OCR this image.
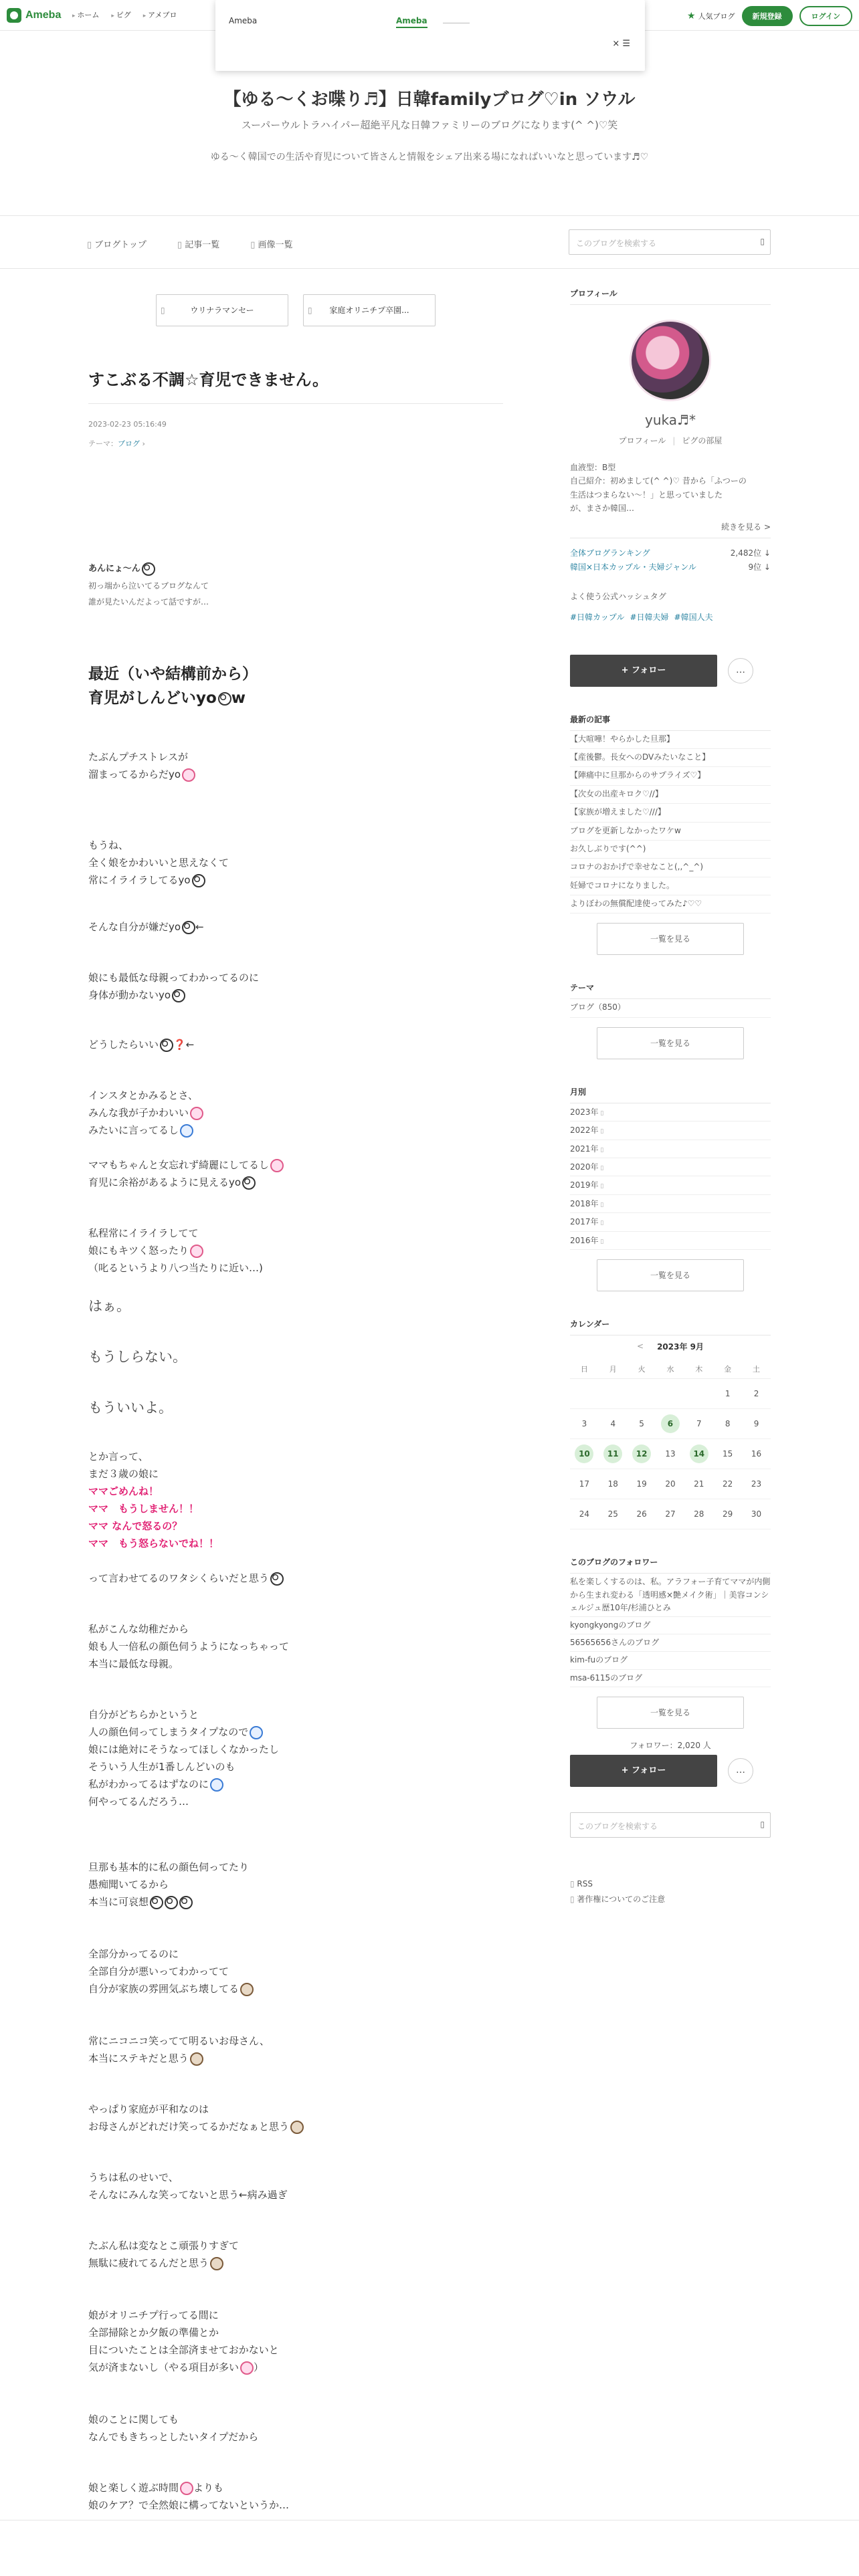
Ameba	▸ ホーム	▸ ピグ	▸ アメブロ	★ 人気ブログ	新規登録	ログイン
Ameba	Ameba
× ☰
【ゆる〜くお喋り♬】日韓familyブログ♡in ソウル
スーパーウルトラハイパー超絶平凡な日韓ファミリーのブログになります(^ ^)♡笑
ゆる〜く韓国での生活や育児について皆さんと情報をシェア出来る場になればいいなと思っています♬♡
▯ ブログトップ	▯ 記事一覧	▯ 画像一覧	このブログを検索する	▯
▯ ウリナラマンセー	▯ 家庭オリニチプ卒園...
すこぶる不調☆育児できません。
2023-02-23 05:16:49
テーマ：ブログ ›
あんにょ〜ん
初っ端から泣いてるブログなんて
誰が見たいんだよって話ですが…
最近（いや結構前から）
育児がしんどいyo w
たぶんプチストレスが
溜まってるからだyo
もうね、
全く娘をかわいいと思えなくて
常にイライラしてるyo
そんな自分が嫌だyo ←
娘にも最低な母親ってわかってるのに
身体が動かないyo
どうしたらいい ❓←
インスタとかみるとさ、
みんな我が子かわいい
みたいに言ってるし
ママもちゃんと女忘れず綺麗にしてるし
育児に余裕があるように見えるyo
私程常にイライラしてて
娘にもキツく怒ったり
（叱るというより八つ当たりに近い…)
はぁ。
もうしらない。
もういいよ。
とか言って、
まだ３歳の娘に
ママごめんね！
ママ　もうしません！！
ママ なんで怒るの？
ママ　もう怒らないでね！！
って言わせてるのワタシくらいだと思う
私がこんな幼稚だから
娘も人一倍私の顔色伺うようになっちゃって
本当に最低な母親。
自分がどちらかというと
人の顔色伺ってしまうタイプなので
娘には絶対にそうなってほしくなかったし
そういう人生が1番しんどいのも
私がわかってるはずなのに
何やってるんだろう…
旦那も基本的に私の顔色伺ってたり
愚痴聞いてるから
本当に可哀想
全部分かってるのに
全部自分が悪いってわかってて
自分が家族の雰囲気ぶち壊してる
常にニコニコ笑ってて明るいお母さん、
本当にステキだと思う
やっぱり家庭が平和なのは
お母さんがどれだけ笑ってるかだなぁと思う
うちは私のせいで、
そんなにみんな笑ってないと思う←病み過ぎ
たぶん私は変なとこ頑張りすぎて
無駄に疲れてるんだと思う
娘がオリニチプ行ってる間に
全部掃除とか夕飯の準備とか
目についたことは全部済ませておかないと
気が済まないし（やる項目が多い ）
娘のことに関しても
なんでもきちっとしたいタイプだから
娘と楽しく遊ぶ時間 よりも
娘のケア？で全然娘に構ってないというか…
プロフィール
yuka♬*
プロフィール | ピグの部屋
血液型：B型
自己紹介：初めまして(^ ^)♡ 昔から「ふつーの
生活はつまらない〜！」と思っていました
が、まさか韓国…
続きを見る >
全体ブログランキング	2,482位 ↓
韓国×日本カップル・夫婦ジャンル	9位 ↓
よく使う公式ハッシュタグ
#日韓カップル #日韓夫婦 #韓国人夫
+ フォロー	…
最新の記事
【大喧嘩！やらかした旦那】
【産後鬱。長女へのDVみたいなこと】
【陣痛中に旦那からのサプライズ♡】
【次女の出産キロク♡//】
【家族が増えました♡///】
ブログを更新しなかったワケw
お久しぶりです(^^)
コロナのおかげで幸せなこと(,,^_^)
妊婦でコロナになりました。
よりぼわの無償配達使ってみた♪♡♡
一覧を見る
テーマ
ブログ（850）
一覧を見る
月別
2023年 ▯
2022年 ▯
2021年 ▯
2020年 ▯
2019年 ▯
2018年 ▯
2017年 ▯
2016年 ▯
一覧を見る
カレンダー
< 2023年 9月
日	月	火	水	木	金	土
					1	2
3	4	5	6	7	8	9
10	11	12	13	14	15	16
17	18	19	20	21	22	23
24	25	26	27	28	29	30
このブログのフォロワー
私を楽しくするのは、私。アラフォー子育てママが内側から生まれ変わる「透明感×艶メイク術」｜美容コンシェルジュ歴10年/杉浦ひとみ
kyongkyongのブログ
56565656さんのブログ
kim-fuのブログ
msa-6115のブログ
一覧を見る
フォロワー：2,020 人
+ フォロー	…
このブログを検索する	▯
▯ RSS
▯ 著作権についてのご注意
